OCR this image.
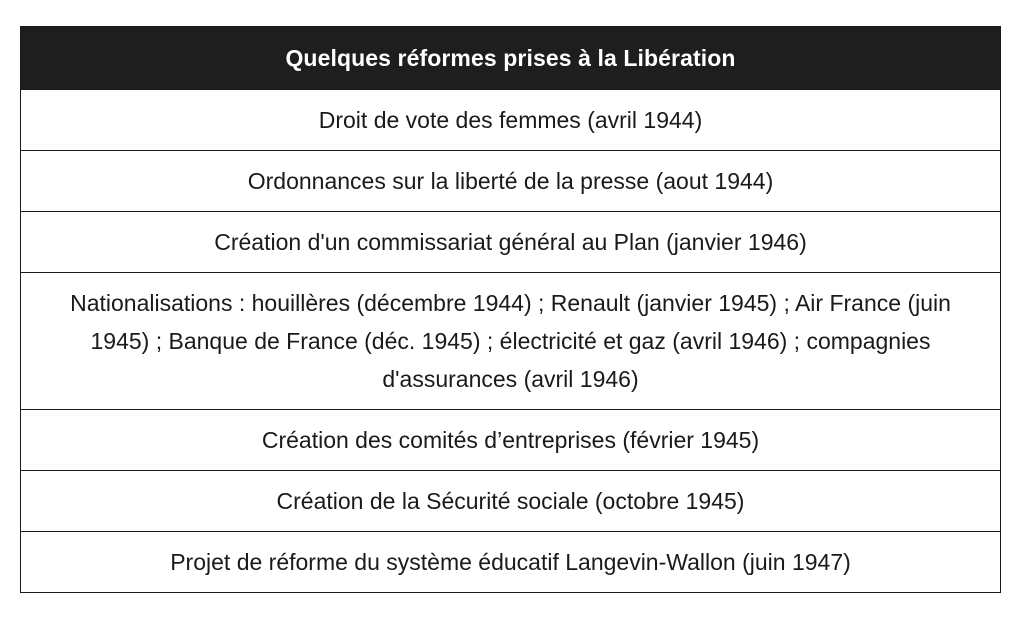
Quelques réformes prises à la Libération
Droit de vote des femmes (avril 1944)
Ordonnances sur la liberté de la presse (aout 1944)
Création d'un commissariat général au Plan (janvier 1946)
Nationalisations : houillères (décembre 1944) ; Renault (janvier 1945) ; Air France (juin 1945) ; Banque de France (déc. 1945) ; électricité et gaz (avril 1946) ; compagnies d'assurances (avril 1946)
Création des comités d’entreprises (février 1945)
Création de la Sécurité sociale (octobre 1945)
Projet de réforme du système éducatif Langevin-Wallon (juin 1947)
